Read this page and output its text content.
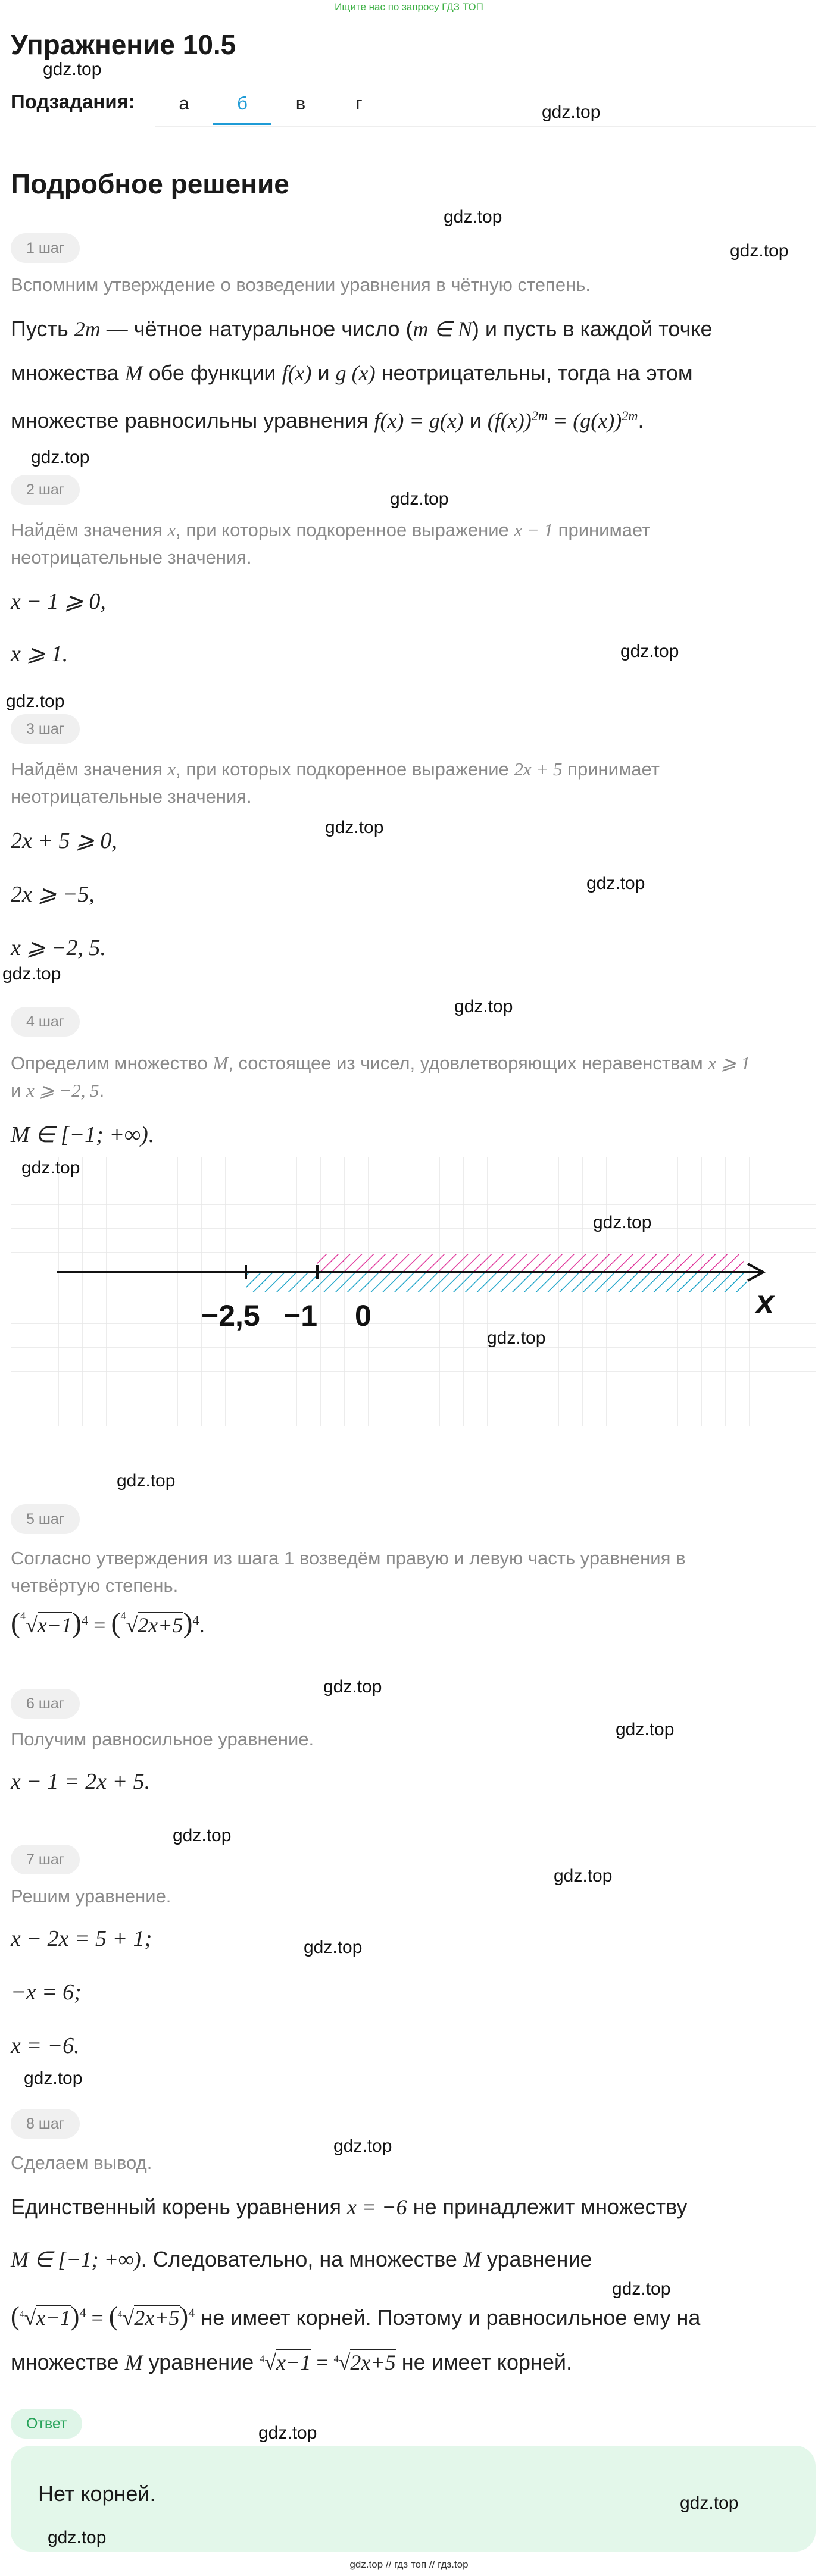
Ищите нас по запросу ГДЗ ТОП
Упражнение 10.5
gdz.top
Подзадания:	а	б	в	г	gdz.top
Подробное решение
gdz.top
gdz.top
1 шаг
Вспомним утверждение о возведении уравнения в чётную степень.
Пусть 2m — чётное натуральное число (m ∈ N) и пусть в каждой точке
множества M обе функции f(x) и g (x) неотрицательны, тогда на этом
множестве равносильны уравнения f(x) = g(x) и $(f(x))^{2m} = (g(x))^{2m}$.
gdz.top
2 шаг	gdz.top
Найдём значения x, при которых подкоренное выражение x − 1 принимает
неотрицательные значения.
x − 1 ⩾ 0,
x ⩾ 1.	gdz.top
gdz.top
3 шаг
Найдём значения x, при которых подкоренное выражение 2x + 5 принимает
неотрицательные значения.
gdz.top
2x + 5 ⩾ 0,
2x ⩾ −5,	gdz.top
x ⩾ −2, 5.
gdz.top
4 шаг
gdz.top
Определим множество M, состоящее из чисел, удовлетворяющих неравенствам x ⩾ 1
и x ⩾ −2, 5.
M ∈ [−1; +∞).
−2,5 −1 0	x
gdz.top
gdz.top
gdz.top
gdz.top
5 шаг
Согласно утверждения из шага 1 возведём правую и левую часть уравнения в
четвёртую степень.
$(^4√x-1)^4 = (^4√2x+5)^4$.
gdz.top
6 шаг
gdz.top
Получим равносильное уравнение.
x − 1 = 2x + 5.
gdz.top
7 шаг
gdz.top
Решим уравнение.
x − 2x = 5 + 1;	gdz.top
−x = 6;
x = −6.
gdz.top
8 шаг
gdz.top
Сделаем вывод.
Единственный корень уравнения x = −6 не принадлежит множеству
M ∈ [−1; +∞). Следовательно, на множестве M уравнение
gdz.top
$(^4√x-1)^4 = (^4√2x+5)^4$ не имеет корней. Поэтому и равносильное ему на
множестве M уравнение $^4$√x−1 = $^4$√2x+5 не имеет корней.
Ответ	gdz.top
Нет корней.	gdz.top
gdz.top
gdz.top // гдз топ // гдз.top
